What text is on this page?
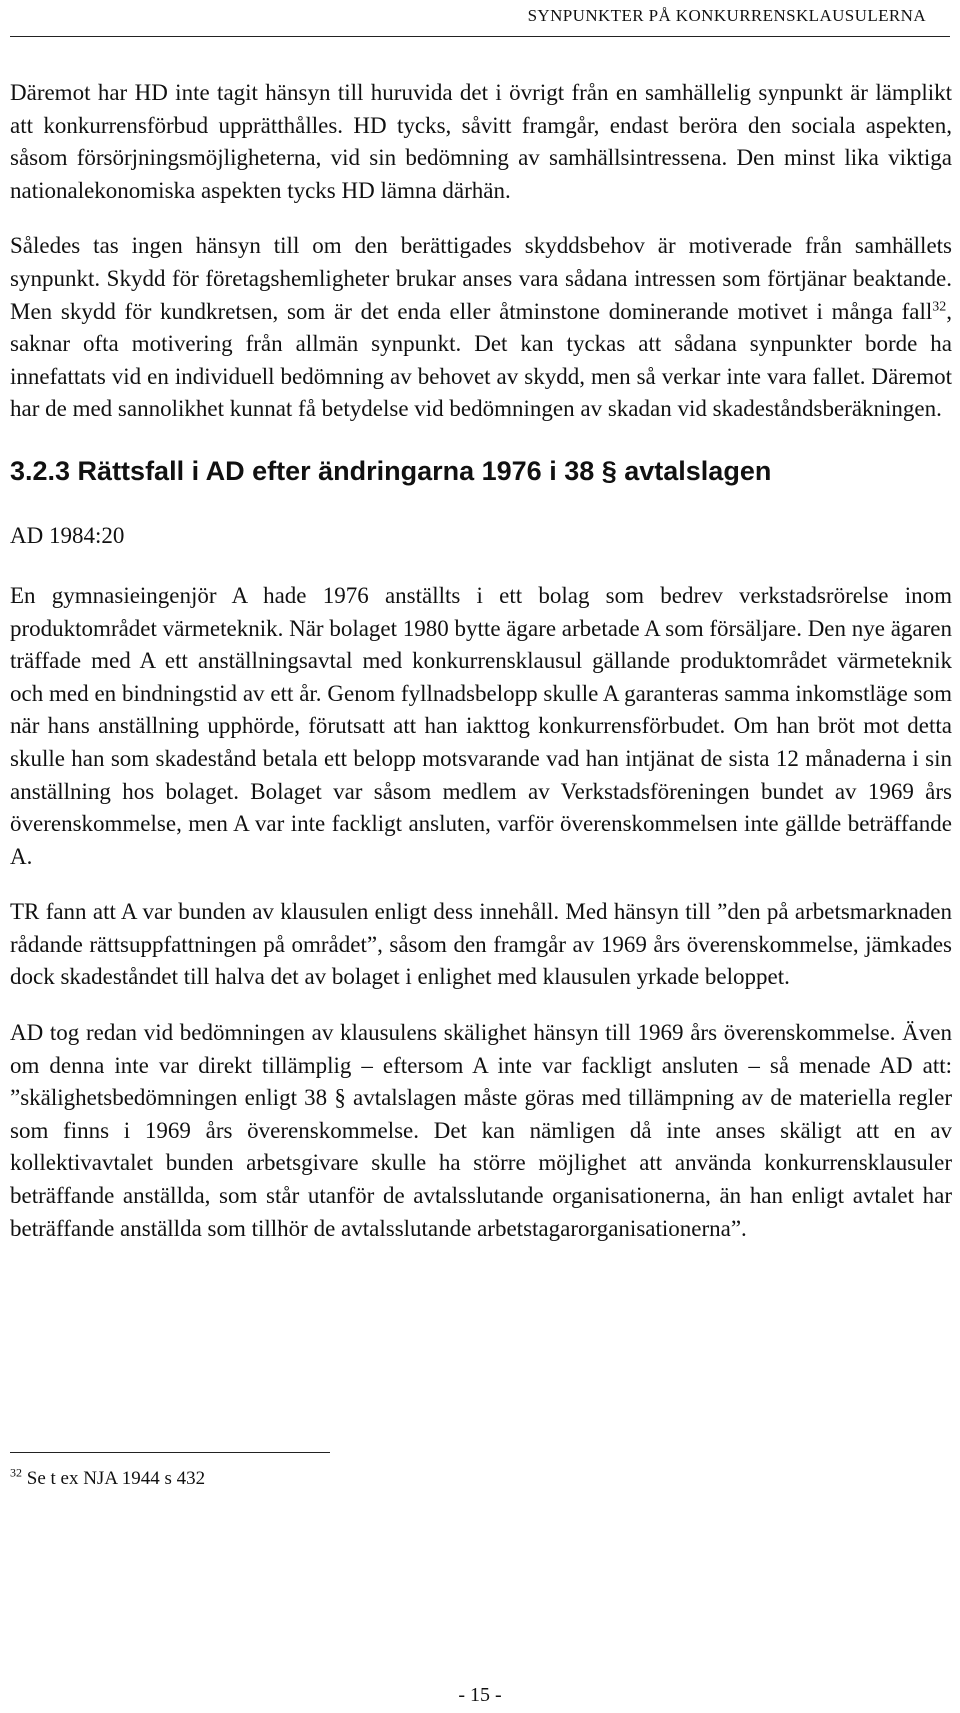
SYNPUNKTER PÅ KONKURRENSKLAUSULERNA

Däremot har HD inte tagit hänsyn till huruvida det i övrigt från en samhällelig synpunkt är lämplikt att konkurrensförbud upprätthålles. HD tycks, såvitt framgår, endast beröra den sociala aspekten, såsom försörjningsmöjligheterna, vid sin bedömning av samhällsintressena. Den minst lika viktiga nationalekonomiska aspekten tycks HD lämna därhän.

Således tas ingen hänsyn till om den berättigades skyddsbehov är motiverade från samhällets synpunkt. Skydd för företagshemligheter brukar anses vara sådana intressen som förtjänar beaktande. Men skydd för kundkretsen, som är det enda eller åtminstone dominerande motivet i många fall$^{32}$, saknar ofta motivering från allmän synpunkt. Det kan tyckas att sådana synpunkter borde ha innefattats vid en individuell bedömning av behovet av skydd, men så verkar inte vara fallet. Däremot har de med sannolikhet kunnat få betydelse vid bedömningen av skadan vid skadeståndsberäkningen.

3.2.3 Rättsfall i AD efter ändringarna 1976 i 38 § avtalslagen
AD 1984:20

En gymnasieingenjör A hade 1976 anställts i ett bolag som bedrev verkstadsrörelse inom produktområdet värmeteknik. När bolaget 1980 bytte ägare arbetade A som försäljare. Den nye ägaren träffade med A ett anställningsavtal med konkurrensklausul gällande produktområdet värmeteknik och med en bindningstid av ett år. Genom fyllnadsbelopp skulle A garanteras samma inkomstläge som när hans anställning upphörde, förutsatt att han iakttog konkurrensförbudet. Om han bröt mot detta skulle han som skadestånd betala ett belopp motsvarande vad han intjänat de sista 12 månaderna i sin anställning hos bolaget. Bolaget var såsom medlem av Verkstadsföreningen bundet av 1969 års överenskommelse, men A var inte fackligt ansluten, varför överenskommelsen inte gällde beträffande A.

TR fann att A var bunden av klausulen enligt dess innehåll. Med hänsyn till ”den på arbetsmarknaden rådande rättsuppfattningen på området”, såsom den framgår av 1969 års överenskommelse, jämkades dock skadeståndet till halva det av bolaget i enlighet med klausulen yrkade beloppet.

AD tog redan vid bedömningen av klausulens skälighet hänsyn till 1969 års överenskommelse. Även om denna inte var direkt tillämplig – eftersom A inte var fackligt ansluten – så menade AD att: ”skälighetsbedömningen enligt 38 § avtalslagen måste göras med tillämpning av de materiella regler som finns i 1969 års överenskommelse. Det kan nämligen då inte anses skäligt att en av kollektivavtalet bunden arbetsgivare skulle ha större möjlighet att använda konkurrensklausuler beträffande anställda, som står utanför de avtalsslutande organisationerna, än han enligt avtalet har beträffande anställda som tillhör de avtalsslutande arbetstagarorganisationerna”.

$^{32}$ Se t ex NJA 1944 s 432
- 15 -
